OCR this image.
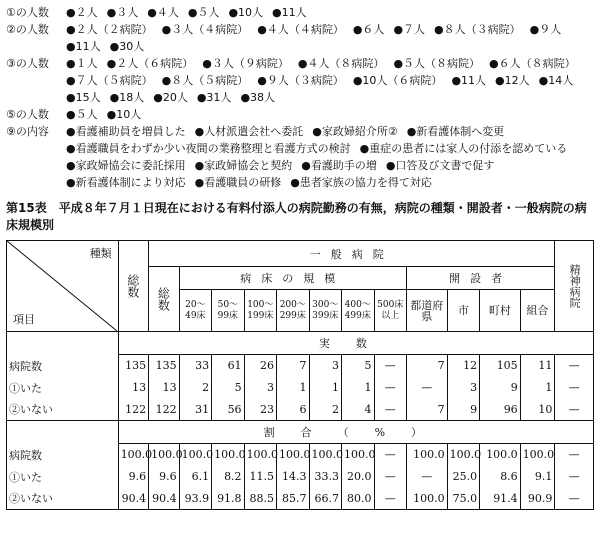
①の人数	●２人 ●３人 ●４人 ●５人 ●10人 ●11人
②の人数	●２人（２病院） ●３人（４病院） ●４人（４病院） ●６人 ●７人 ●８人（３病院） ●９人●11人 ●30人
③の人数	●１人 ●２人（６病院） ●３人（９病院） ●４人（８病院） ●５人（８病院） ●６人（８病院）●７人（５病院） ●８人（５病院） ●９人（３病院） ●10人（６病院） ●11人 ●12人 ●14人●15人 ●18人 ●20人 ●31人 ●38人
⑤の人数	●５人 ●10人
⑨の内容	●看護補助員を増員した ●人材派遣会社へ委託 ●家政婦紹介所② ●新看護体制へ変更●看護職員をわずか少い夜間の業務整理と看護方式の検討 ●重症の患者には家人の付添を認めている●家政婦協会に委託採用 ●家政婦協会と契約 ●看護助手の増 ●口答及び文書で促す●新看護体制により対応 ●看護職員の研修 ●患者家族の協力を得て対応
第15表 平成８年７月１日現在における有料付添人の病院勤務の有無，病院の種類・開設者・一般病院の病床規模別
種類
項目	総数	一般病院												精神病院
		総数	病床の規模							開設者				
			20～49床	50～99床	100～199床	200～299床	300～399床	400～499床	500床以上	都道府県	市	町村	組合	
	実数													
病院数	135	135	33	61	26	7	3	5	—	7	12	105	11	—
①いた	13	13	2	5	3	1	1	1	—	—	3	9	1	—
②いない	122	122	31	56	23	6	2	4	—	7	9	96	10	—
	割合（%）													
病院数	100.0	100.0	100.0	100.0	100.0	100.0	100.0	100.0	—	100.0	100.0	100.0	100.0	—
①いた	9.6	9.6	6.1	8.2	11.5	14.3	33.3	20.0	—	—	25.0	8.6	9.1	—
②いない	90.4	90.4	93.9	91.8	88.5	85.7	66.7	80.0	—	100.0	75.0	91.4	90.9	—
